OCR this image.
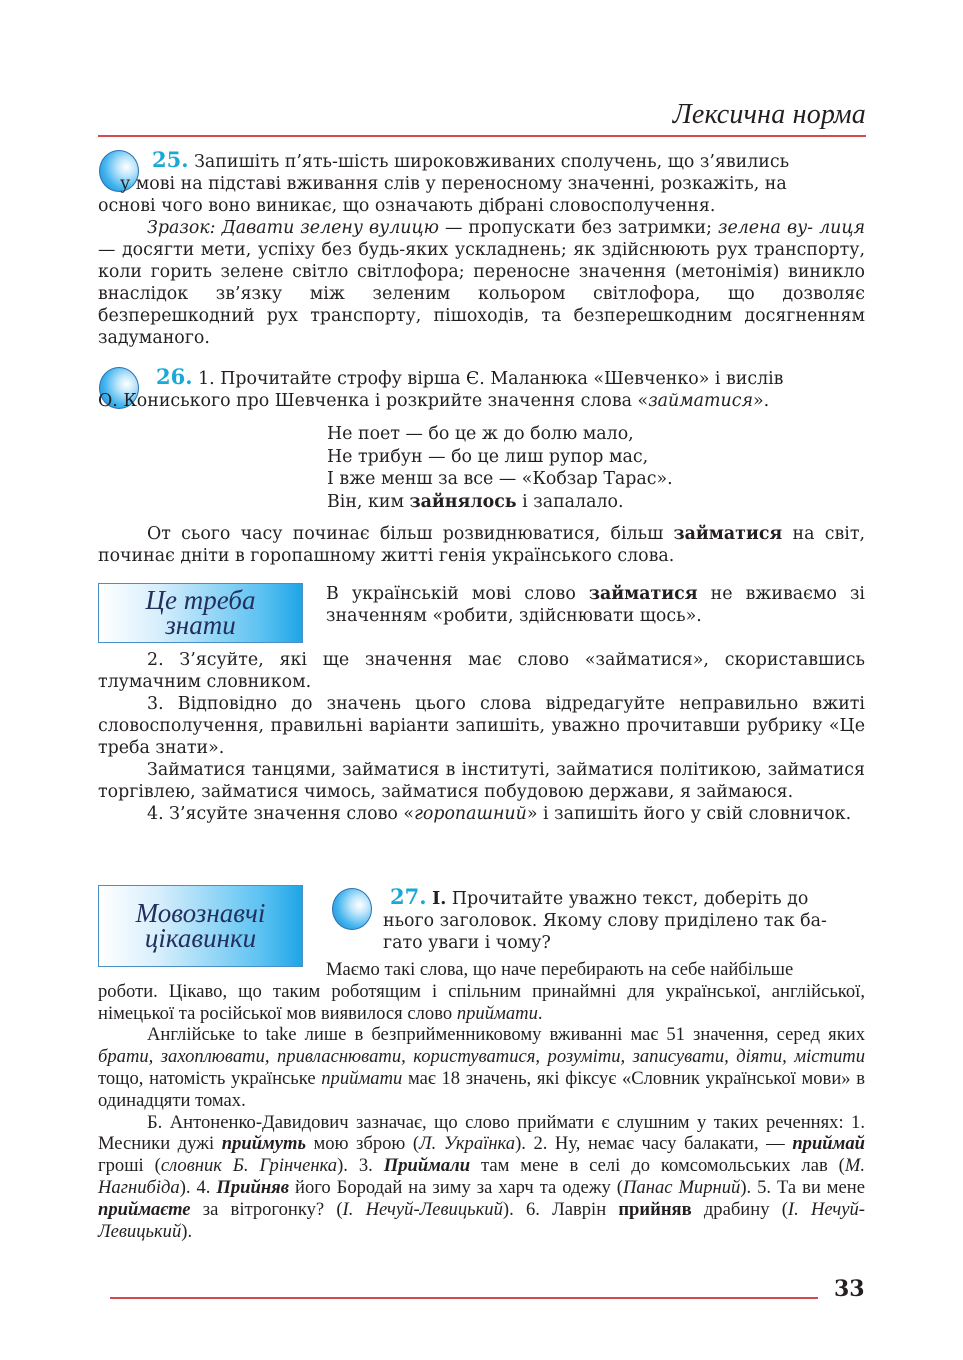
Лексична норма

25. Запишіть п’ять-шість широковживаних сполучень, що з’явились

у мові на підставі вживання слів у переносному значенні, розкажіть, на

основі чого воно виникає, що означають дібрані словосполучення.

Зразок: Давати зелену вулицю — пропускати без затримки; зелена ву- лиця — досягти мети, успіху без будь-яких ускладнень; як здійснюють рух транспорту, коли горить зелене світло світлофора; переносне значення (метонімія) виникло внаслідок зв’язку між зеленим кольором світлофора, що дозволяє безперешкодний рух транспорту, пішоходів, та безперешкодним досягненням задуманого.

26. 1. Прочитайте строфу вірша Є. Маланюка «Шевченко» і вислів

О. Кониського про Шевченка і розкрийте значення слова «займатися».

Не поет — бо це ж до болю мало,
Не трибун — бо це лиш рупор мас,
І вже менш за все — «Кобзар Тарас».
Він, ким зайнялось і запалало.

От сього часу починає більш розвиднюватися, більш займатися на світ, починає дніти в горопашному житті генія українського слова.

Це треба
знати

В українській мові слово займатися не вживаємо зі значенням «робити, здійснювати щось».

2. З’ясуйте, які ще значення має слово «займатися», скориставшись тлумачним словником.

3. Відповідно до значень цього слова відредагуйте неправильно вжиті словосполучення, правильні варіанти запишіть, уважно прочитавши рубрику «Це треба знати».

Займатися танцями, займатися в інституті, займатися політикою, займатися торгівлею, займатися чимось, займатися побудовою держави, я займаюся.

4. З’ясуйте значення слово «горопашний» і запишіть його у свій словничок.

Мовознавчі
цікавинки

27. I. Прочитайте уважно текст, доберіть до

нього заголовок. Якому слову приділено так ба-

гато уваги і чому?

Маємо такі слова, що наче перебирають на себе найбільше

роботи. Цікаво, що таким роботящим і спільним принаймні для української, англійської, німецької та російської мов виявилося слово приймати.

Англійське to take лише в безприйменниковому вживанні має 51 значення, серед яких брати, захоплювати, привласнювати, користуватися, розуміти, записувати, діяти, містити тощо, натомість українське приймати має 18 значень, які фіксує «Словник української мови» в одинадцяти томах.

Б. Антоненко-Давидович зазначає, що слово приймати є слушним у таких реченнях: 1. Месники дужі приймуть мою зброю (Л. Українка). 2. Ну, немає часу балакати, — приймай гроші (словник Б. Грінченка). 3. Приймали там мене в селі до комсомольських лав (М. Нагнибіда). 4. Прийняв його Бородай на зиму за харч та одежу (Панас Мирний). 5. Та ви мене приймаєте за вітрогонку? (І. Нечуй-Левицький). 6. Лаврін прийняв драбину (І. Нечуй-Левицький).

33
